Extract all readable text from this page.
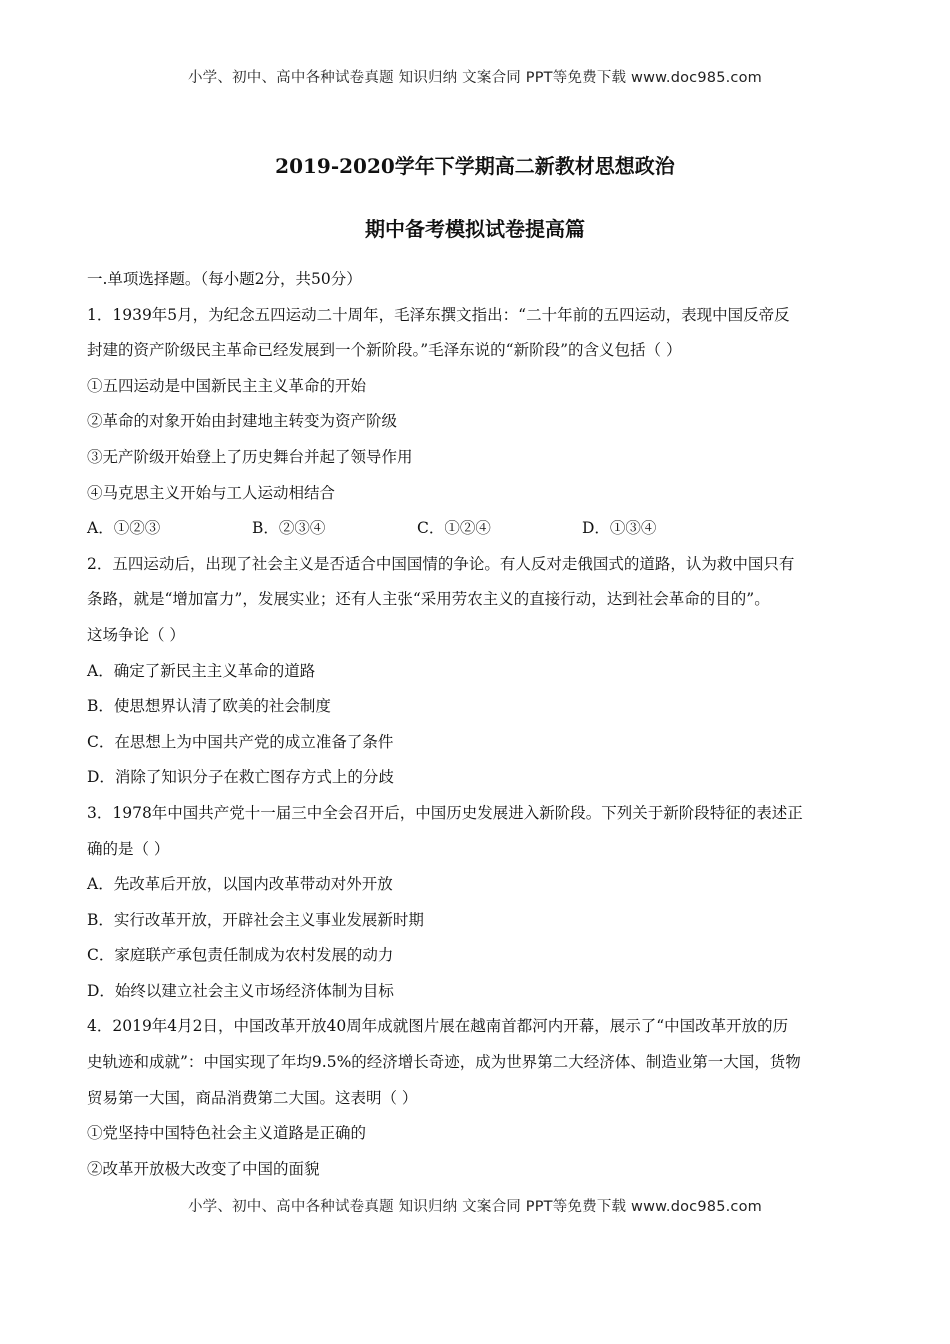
小学、初中、高中各种试卷真题 知识归纳 文案合同 PPT等免费下载 www.doc985.com
2019-2020学年下学期高二新教材思想政治
期中备考模拟试卷提高篇
一.单项选择题。（每小题2分，共50分）
1．1939年5月，为纪念五四运动二十周年，毛泽东撰文指出：“二十年前的五四运动，表现中国反帝反
封建的资产阶级民主革命已经发展到一个新阶段。”毛泽东说的“新阶段”的含义包括（ ）
①五四运动是中国新民主主义革命的开始
②革命的对象开始由封建地主转变为资产阶级
③无产阶级开始登上了历史舞台并起了领导作用
④马克思主义开始与工人运动相结合
A．①②③	B．②③④	C．①②④	D．①③④
2．五四运动后，出现了社会主义是否适合中国国情的争论。有人反对走俄国式的道路，认为救中国只有
条路，就是“增加富力”，发展实业；还有人主张“采用劳农主义的直接行动，达到社会革命的目的”。
这场争论（ ）
A．确定了新民主主义革命的道路
B．使思想界认清了欧美的社会制度
C．在思想上为中国共产党的成立准备了条件
D．消除了知识分子在救亡图存方式上的分歧
3．1978年中国共产党十一届三中全会召开后，中国历史发展进入新阶段。下列关于新阶段特征的表述正
确的是（ ）
A．先改革后开放，以国内改革带动对外开放
B．实行改革开放，开辟社会主义事业发展新时期
C．家庭联产承包责任制成为农村发展的动力
D．始终以建立社会主义市场经济体制为目标
4．2019年4月2日，中国改革开放40周年成就图片展在越南首都河内开幕，展示了“中国改革开放的历
史轨迹和成就”：中国实现了年均9.5%的经济增长奇迹，成为世界第二大经济体、制造业第一大国，货物
贸易第一大国，商品消费第二大国。这表明（ ）
①党坚持中国特色社会主义道路是正确的
②改革开放极大改变了中国的面貌
小学、初中、高中各种试卷真题 知识归纳 文案合同 PPT等免费下载 www.doc985.com
